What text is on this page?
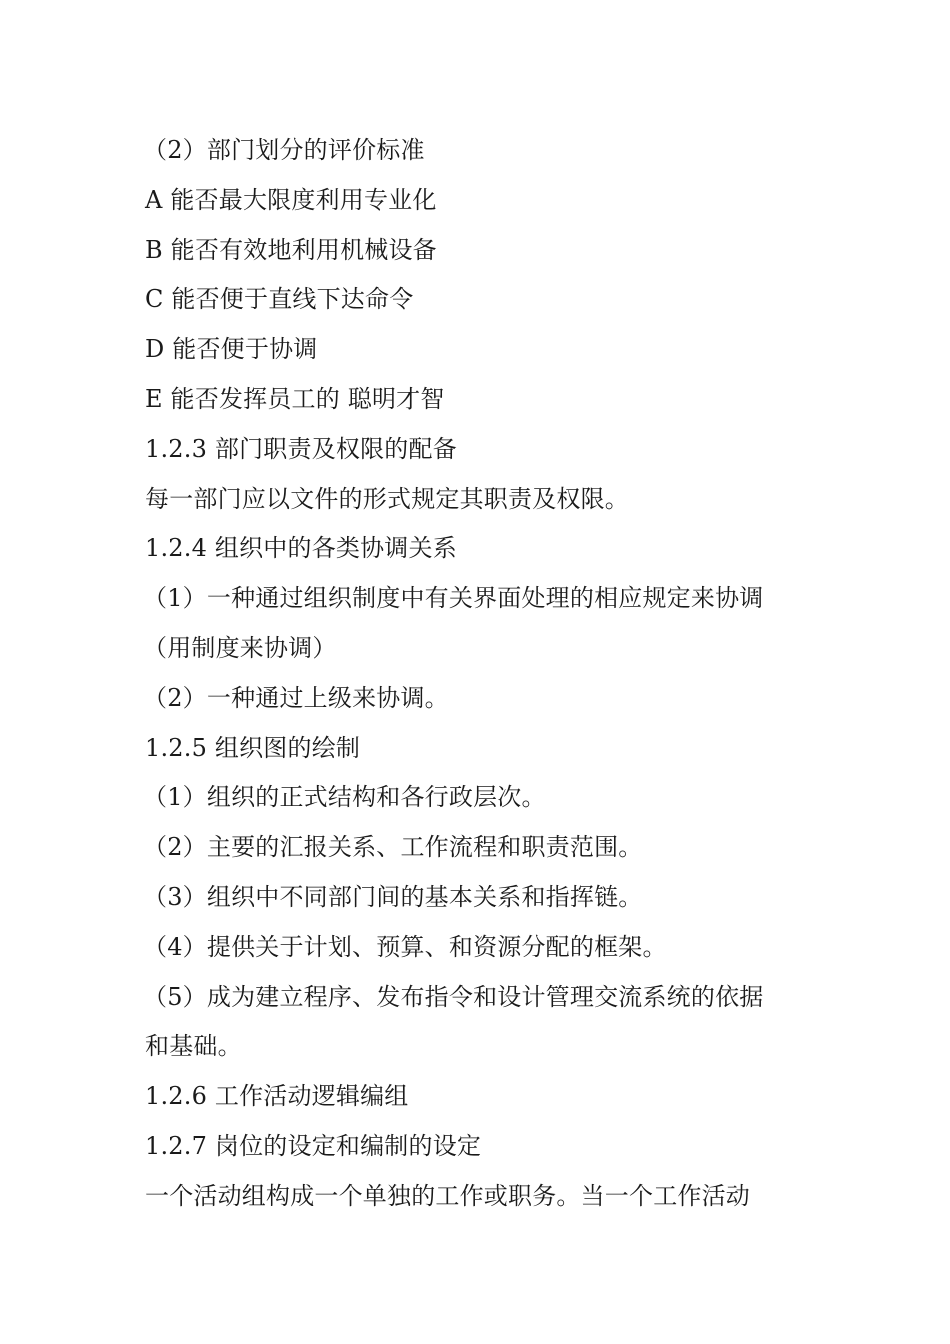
（2）部门划分的评价标准
A 能否最大限度利用专业化
B 能否有效地利用机械设备
C 能否便于直线下达命令
D 能否便于协调
E 能否发挥员工的 聪明才智
1.2.3 部门职责及权限的配备
每一部门应以文件的形式规定其职责及权限。
1.2.4 组织中的各类协调关系
（1）一种通过组织制度中有关界面处理的相应规定来协调
（用制度来协调）
（2）一种通过上级来协调。
1.2.5 组织图的绘制
（1）组织的正式结构和各行政层次。
（2）主要的汇报关系、工作流程和职责范围。
（3）组织中不同部门间的基本关系和指挥链。
（4）提供关于计划、预算、和资源分配的框架。
（5）成为建立程序、发布指令和设计管理交流系统的依据
和基础。
1.2.6 工作活动逻辑编组
1.2.7 岗位的设定和编制的设定
一个活动组构成一个单独的工作或职务。当一个工作活动
